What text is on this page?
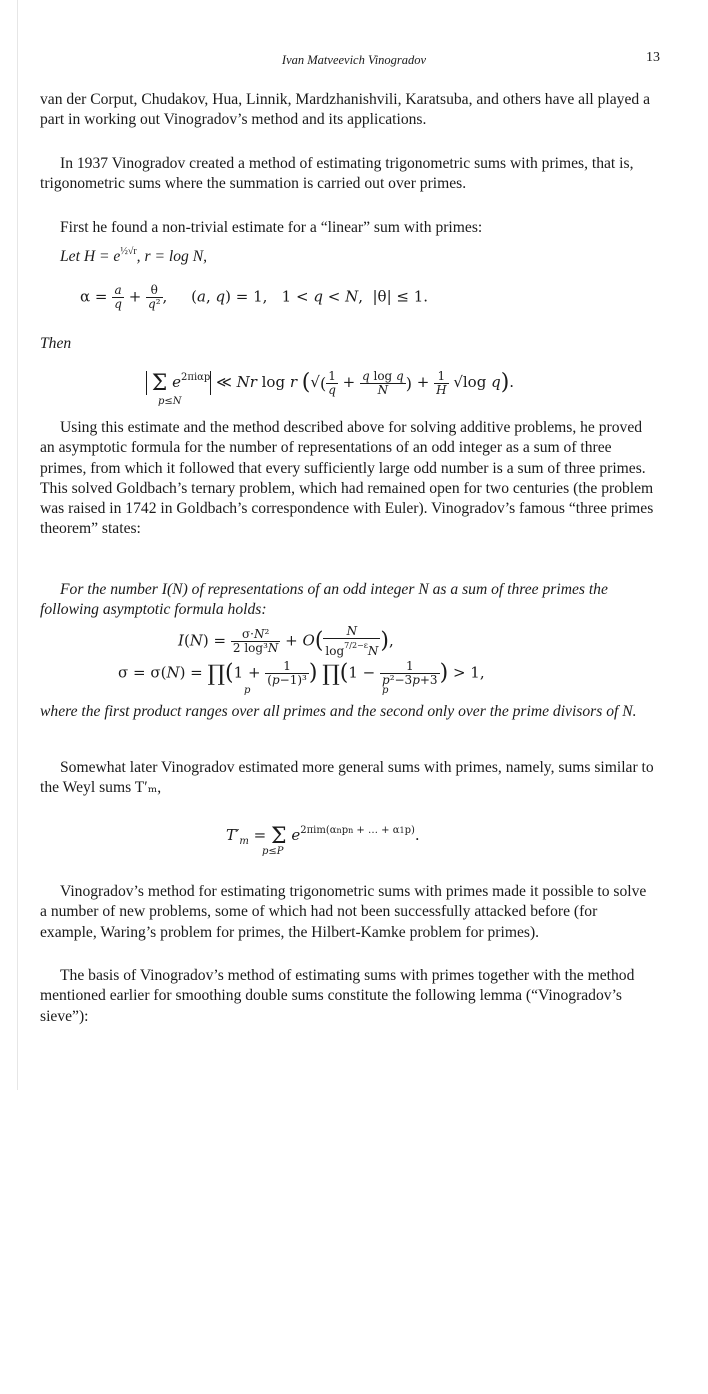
Ivan Matveevich Vinogradov	13

van der Corput, Chudakov, Hua, Linnik, Mardzhanishvili, Karatsuba, and others have all played a part in working out Vinogradov’s method and its applications.

In 1937 Vinogradov created a method of estimating trigonometric sums with primes, that is, trigonometric sums where the summation is carried out over primes.

First he found a non-trivial estimate for a “linear” sum with primes:

Let $H = e^{\frac{1}{2}√r}$, r = log N,
$\alpha = \frac{a}{q} + \frac{\theta}{\text{q²}}$ ,     (a, q) = 1,   1 < q < N,  |θ| ≤ 1.
Then
Σ $e^{2\pi i\alpha p}$ ≪ Nr log r (√( $\frac{1}{q} + \frac{\text{q log q}}{N}$ ) + $\frac{1}{H} √\log$ q).
p≤N

Using this estimate and the method described above for solving additive problems, he proved an asymptotic formula for the number of representations of an odd integer as a sum of three primes, from which it followed that every sufficiently large odd number is a sum of three primes. This solved Goldbach’s ternary problem, which had remained open for two centuries (the problem was raised in 1742 in Goldbach’s correspondence with Euler). Vinogradov’s famous “three primes theorem” states:

For the number I(N) of representations of an odd integer N as a sum of three primes the following asymptotic formula holds:

$I(N) = \frac{\text{σ·N²}}{\text{2 log³N}} + O( \frac{N}{\log^{7/2-\varepsilon}N}$ ),
σ = σ(N) = ∏(1 + $\frac{1}{\text{(p−1)³}}$ ) ∏(1 − $\frac{1}{\text{p²−3p+3}}$ ) > 1,
p	p

where the first product ranges over all primes and the second only over the prime divisors of N.

Somewhat later Vinogradov estimated more general sums with primes, namely, sums similar to the Weyl sums T′ₘ,

$T'_m = \Sigma$ $e^{2\pi im(\alpha npn + \dots + \alpha 1p)}$.
p≤P

Vinogradov’s method for estimating trigonometric sums with primes made it possible to solve a number of new problems, some of which had not been successfully attacked before (for example, Waring’s problem for primes, the Hilbert-Kamke problem for primes).

The basis of Vinogradov’s method of estimating sums with primes together with the method mentioned earlier for smoothing double sums constitute the following lemma (“Vinogradov’s sieve”):
